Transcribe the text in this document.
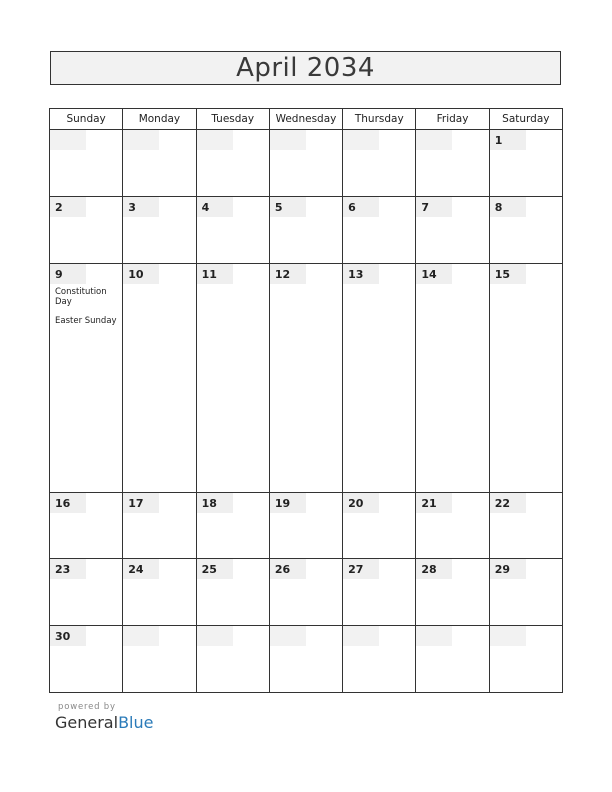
April 2034
Sunday	Monday	Tuesday	Wednesday	Thursday	Friday	Saturday

						1

2	3	4	5	6	7	8

9
Constitution Day
Easter Sunday	10	11	12	13	14	15

16	17	18	19	20	21	22

23	24	25	26	27	28	29

30						

powered by
GeneralBlue
